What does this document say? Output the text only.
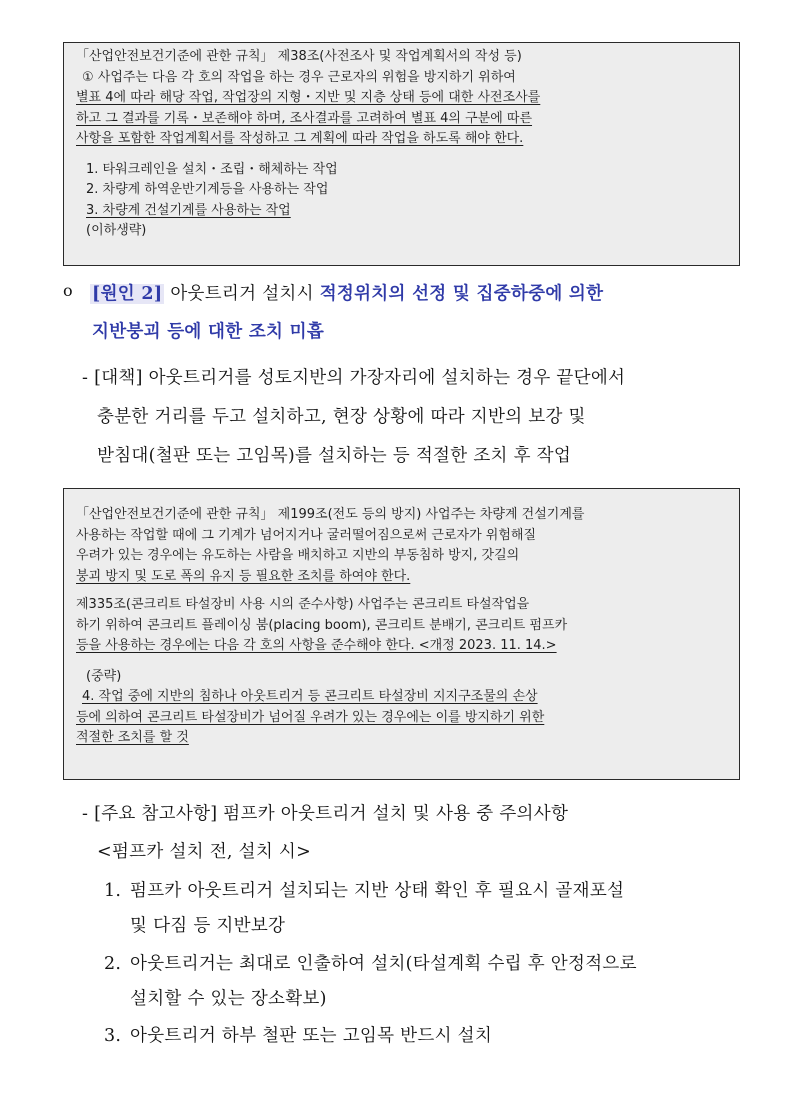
「산업안전보건기준에 관한 규칙」 제38조(사전조사 및 작업계획서의 작성 등)

① 사업주는 다음 각 호의 작업을 하는 경우 근로자의 위험을 방지하기 위하여

별표 4에 따라 해당 작업, 작업장의 지형・지반 및 지층 상태 등에 대한 사전조사를

하고 그 결과를 기록・보존해야 하며, 조사결과를 고려하여 별표 4의 구분에 따른

사항을 포함한 작업계획서를 작성하고 그 계획에 따라 작업을 하도록 해야 한다.

1. 타워크레인을 설치・조립・해체하는 작업

2. 차량계 하역운반기계등을 사용하는 작업

3. 차량계 건설기계를 사용하는 작업

(이하생략)

o [원인 2] 아웃트리거 설치시 적정위치의 선정 및 집중하중에 의한
지반붕괴 등에 대한 조치 미흡
- [대책] 아웃트리거를 성토지반의 가장자리에 설치하는 경우 끝단에서
충분한 거리를 두고 설치하고, 현장 상황에 따라 지반의 보강 및
받침대(철판 또는 고임목)를 설치하는 등 적절한 조치 후 작업

「산업안전보건기준에 관한 규칙」 제199조(전도 등의 방지) 사업주는 차량계 건설기계를

사용하는 작업할 때에 그 기계가 넘어지거나 굴러떨어짐으로써 근로자가 위험해질

우려가 있는 경우에는 유도하는 사람을 배치하고 지반의 부동침하 방지, 갓길의

붕괴 방지 및 도로 폭의 유지 등 필요한 조치를 하여야 한다.

제335조(콘크리트 타설장비 사용 시의 준수사항) 사업주는 콘크리트 타설작업을

하기 위하여 콘크리트 플레이싱 붐(placing boom), 콘크리트 분배기, 콘크리트 펌프카

등을 사용하는 경우에는 다음 각 호의 사항을 준수해야 한다. <개정 2023. 11. 14.>

(중략)

4. 작업 중에 지반의 침하나 아웃트리거 등 콘크리트 타설장비 지지구조물의 손상

등에 의하여 콘크리트 타설장비가 넘어질 우려가 있는 경우에는 이를 방지하기 위한

적절한 조치를 할 것

- [주요 참고사항] 펌프카 아웃트리거 설치 및 사용 중 주의사항
<펌프카 설치 전, 설치 시>
1. 펌프카 아웃트리거 설치되는 지반 상태 확인 후 필요시 골재포설
및 다짐 등 지반보강
2. 아웃트리거는 최대로 인출하여 설치(타설계획 수립 후 안정적으로
설치할 수 있는 장소확보)
3. 아웃트리거 하부 철판 또는 고임목 반드시 설치
